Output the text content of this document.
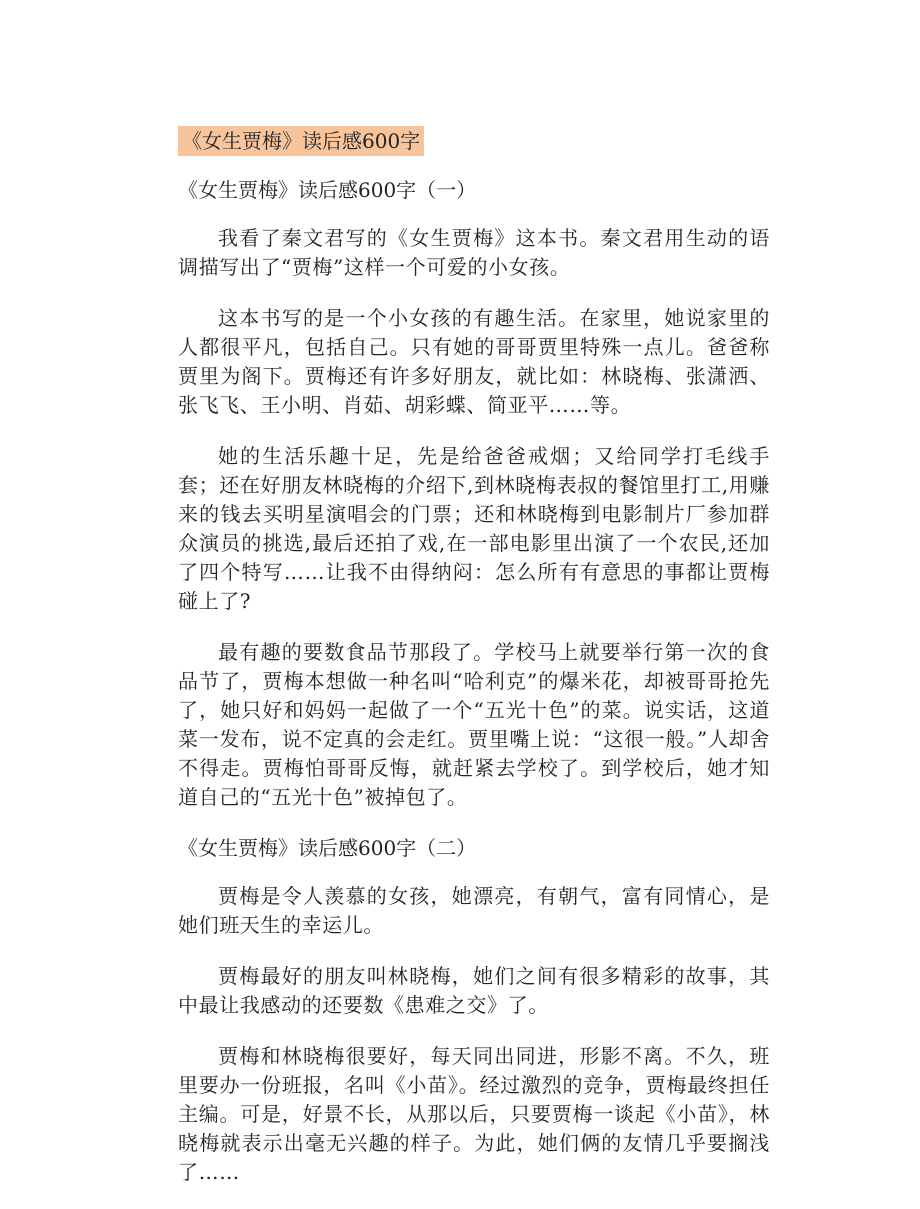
《女生贾梅》读后感600字
《女生贾梅》读后感600字（一）

我看了秦文君写的《女生贾梅》这本书。秦文君用生动的语调描写出了“贾梅”这样一个可爱的小女孩。

这本书写的是一个小女孩的有趣生活。在家里，她说家里的人都很平凡，包括自己。只有她的哥哥贾里特殊一点儿。爸爸称贾里为阁下。贾梅还有许多好朋友，就比如：林晓梅、张潇洒、张飞飞、王小明、肖茹、胡彩蝶、简亚平……等。

她的生活乐趣十足，先是给爸爸戒烟；又给同学打毛线手套；还在好朋友林晓梅的介绍下,到林晓梅表叔的餐馆里打工,用赚来的钱去买明星演唱会的门票；还和林晓梅到电影制片厂参加群众演员的挑选,最后还拍了戏,在一部电影里出演了一个农民,还加了四个特写……让我不由得纳闷：怎么所有有意思的事都让贾梅碰上了?

最有趣的要数食品节那段了。学校马上就要举行第一次的食品节了，贾梅本想做一种名叫“哈利克”的爆米花，却被哥哥抢先了，她只好和妈妈一起做了一个“五光十色”的菜。说实话，这道菜一发布，说不定真的会走红。贾里嘴上说：“这很一般。”人却舍不得走。贾梅怕哥哥反悔，就赶紧去学校了。到学校后，她才知道自己的“五光十色”被掉包了。

《女生贾梅》读后感600字（二）

贾梅是令人羡慕的女孩，她漂亮，有朝气，富有同情心，是她们班天生的幸运儿。

贾梅最好的朋友叫林晓梅，她们之间有很多精彩的故事，其中最让我感动的还要数《患难之交》了。

贾梅和林晓梅很要好，每天同出同进，形影不离。不久，班里要办一份班报，名叫《小苗》。经过激烈的竞争，贾梅最终担任主编。可是，好景不长，从那以后，只要贾梅一谈起《小苗》，林晓梅就表示出毫无兴趣的样子。为此，她们俩的友情几乎要搁浅了……
